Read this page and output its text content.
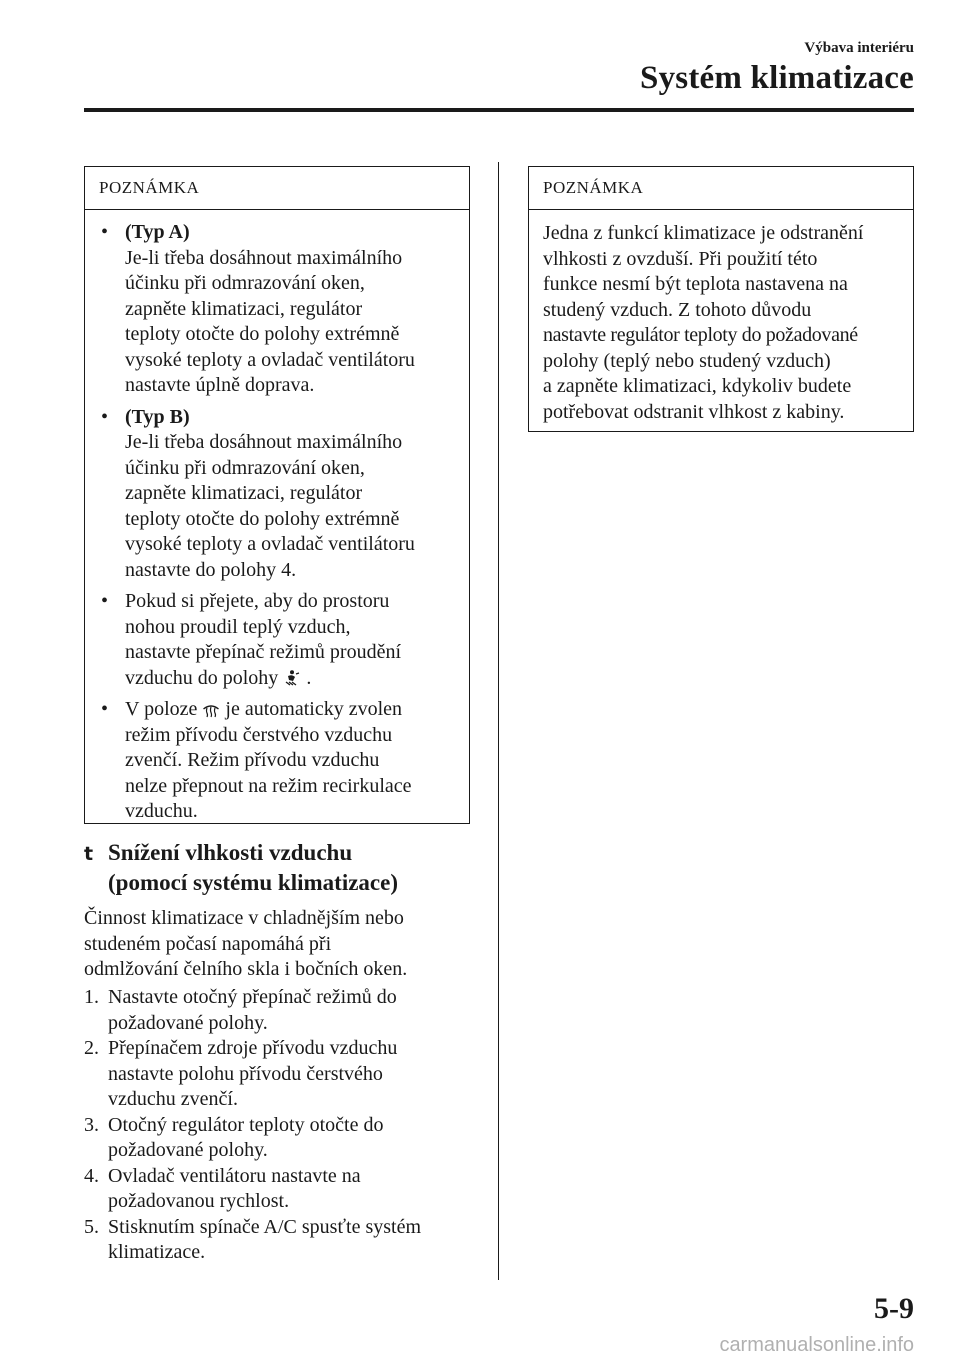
Výbava interiéru
Systém klimatizace
POZNÁMKA
• (Typ A)
Je-li třeba dosáhnout maximálního
účinku při odmrazování oken,
zapněte klimatizaci, regulátor
teploty otočte do polohy extrémně
vysoké teploty a ovladač ventilátoru
nastavte úplně doprava.
• (Typ B)
Je-li třeba dosáhnout maximálního
účinku při odmrazování oken,
zapněte klimatizaci, regulátor
teploty otočte do polohy extrémně
vysoké teploty a ovladač ventilátoru
nastavte do polohy 4.
• Pokud si přejete, aby do prostoru
nohou proudil teplý vzduch,
nastavte přepínač režimů proudění
vzduchu do polohy .
• V poloze je automaticky zvolen
režim přívodu čerstvého vzduchu
zvenčí. Režim přívodu vzduchu
nelze přepnout na režim recirkulace
vzduchu.
POZNÁMKA
Jedna z funkcí klimatizace je odstranění
vlhkosti z ovzduší. Při použití této
funkce nesmí být teplota nastavena na
studený vzduch. Z tohoto důvodu
nastavte regulátor teploty do požadované
polohy (teplý nebo studený vzduch)
a zapněte klimatizaci, kdykoliv budete
potřebovat odstranit vlhkost z kabiny.
t Snížení vlhkosti vzduchu
(pomocí systému klimatizace)
Činnost klimatizace v chladnějším nebo
studeném počasí napomáhá při
odmlžování čelního skla i bočních oken.
1. Nastavte otočný přepínač režimů do
požadované polohy.
2. Přepínačem zdroje přívodu vzduchu
nastavte polohu přívodu čerstvého
vzduchu zvenčí.
3. Otočný regulátor teploty otočte do
požadované polohy.
4. Ovladač ventilátoru nastavte na
požadovanou rychlost.
5. Stisknutím spínače A/C spusťte systém
klimatizace.
5-9
carmanualsonline.info
